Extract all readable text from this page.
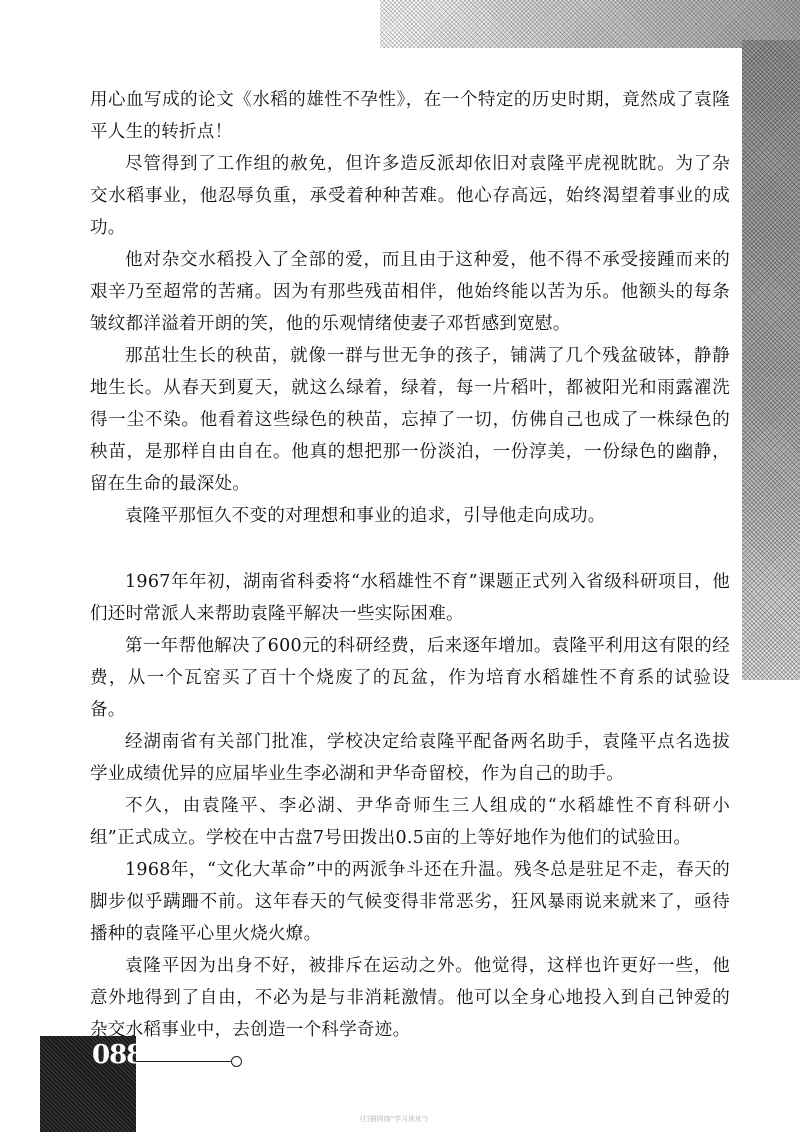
用心血写成的论文《水稻的雄性不孕性》，在一个特定的历史时期，竟然成了袁隆平人生的转折点！

尽管得到了工作组的赦免，但许多造反派却依旧对袁隆平虎视眈眈。为了杂交水稻事业，他忍辱负重，承受着种种苦难。他心存高远，始终渴望着事业的成功。

他对杂交水稻投入了全部的爱，而且由于这种爱，他不得不承受接踵而来的艰辛乃至超常的苦痛。因为有那些残苗相伴，他始终能以苦为乐。他额头的每条皱纹都洋溢着开朗的笑，他的乐观情绪使妻子邓哲感到宽慰。

那茁壮生长的秧苗，就像一群与世无争的孩子，铺满了几个残盆破钵，静静地生长。从春天到夏天，就这么绿着，绿着，每一片稻叶，都被阳光和雨露濯洗得一尘不染。他看着这些绿色的秧苗，忘掉了一切，仿佛自己也成了一株绿色的秧苗，是那样自由自在。他真的想把那一份淡泊，一份淳美，一份绿色的幽静，留在生命的最深处。

袁隆平那恒久不变的对理想和事业的追求，引导他走向成功。

1967年年初，湖南省科委将“水稻雄性不育”课题正式列入省级科研项目，他们还时常派人来帮助袁隆平解决一些实际困难。

第一年帮他解决了600元的科研经费，后来逐年增加。袁隆平利用这有限的经费，从一个瓦窑买了百十个烧废了的瓦盆，作为培育水稻雄性不育系的试验设备。

经湖南省有关部门批准，学校决定给袁隆平配备两名助手，袁隆平点名选拔学业成绩优异的应届毕业生李必湖和尹华奇留校，作为自己的助手。

不久，由袁隆平、李必湖、尹华奇师生三人组成的“水稻雄性不育科研小组”正式成立。学校在中古盘7号田拨出0.5亩的上等好地作为他们的试验田。

1968年，“文化大革命”中的两派争斗还在升温。残冬总是驻足不走，春天的脚步似乎蹒跚不前。这年春天的气候变得非常恶劣，狂风暴雨说来就来了，亟待播种的袁隆平心里火烧火燎。

袁隆平因为出身不好，被排斥在运动之外。他觉得，这样也许更好一些，他意外地得到了自由，不必为是与非消耗激情。他可以全身心地投入到自己钟爱的杂交水稻事业中，去创造一个科学奇迹。

088
(扫描网络"学习地址")
